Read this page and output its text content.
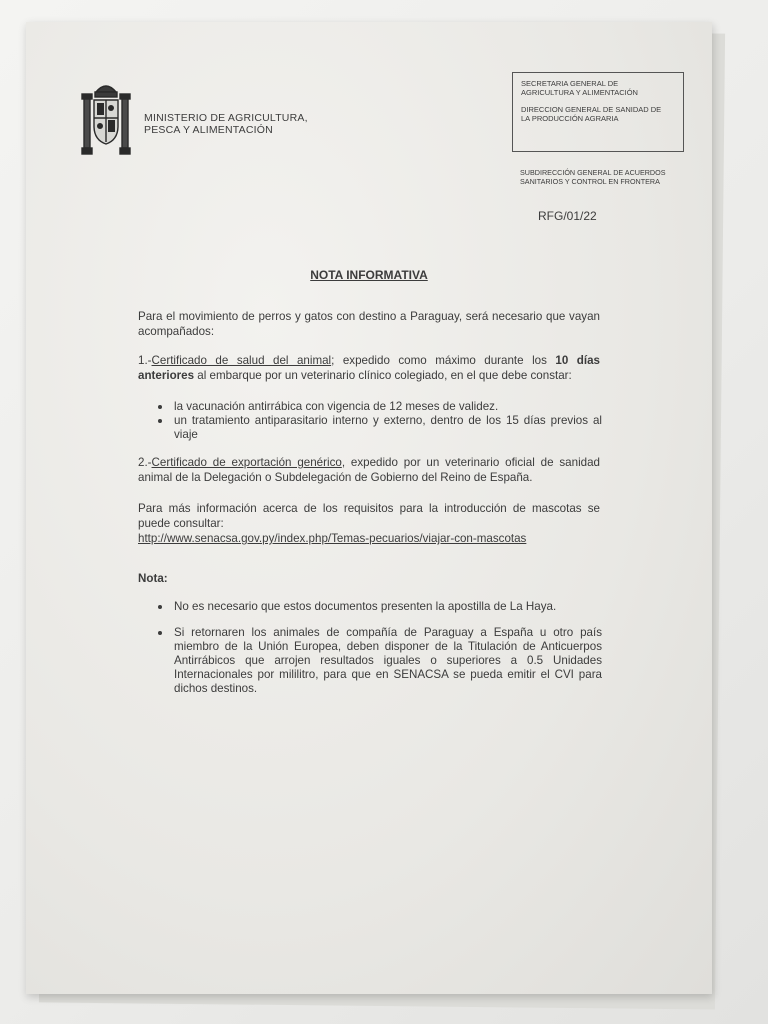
MINISTERIO DE AGRICULTURA,
PESCA Y ALIMENTACIÓN
SECRETARIA GENERAL DE
AGRICULTURA Y ALIMENTACIÓN
DIRECCION GENERAL DE SANIDAD DE
LA PRODUCCIÓN AGRARIA
SUBDIRECCIÓN GENERAL DE ACUERDOS
SANITARIOS Y CONTROL EN FRONTERA
RFG/01/22
NOTA INFORMATIVA
Para el movimiento de perros y gatos con destino a Paraguay, será necesario que vayan acompañados:
1.-Certificado de salud del animal; expedido como máximo durante los 10 días anteriores al embarque por un veterinario clínico colegiado, en el que debe constar:

la vacunación antirrábica con vigencia de 12 meses de validez.

un tratamiento antiparasitario interno y externo, dentro de los 15 días previos al viaje

2.-Certificado de exportación genérico, expedido por un veterinario oficial de sanidad animal de la Delegación o Subdelegación de Gobierno del Reino de España.
Para más información acerca de los requisitos para la introducción de mascotas se puede consultar:
http://www.senacsa.gov.py/index.php/Temas-pecuarios/viajar-con-mascotas
Nota:

No es necesario que estos documentos presenten la apostilla de La Haya.

Si retornaren los animales de compañía de Paraguay a España u otro país miembro de la Unión Europea, deben disponer de la Titulación de Anticuerpos Antirrábicos que arrojen resultados iguales o superiores a 0.5 Unidades Internacionales por mililitro, para que en SENACSA se pueda emitir el CVI para dichos destinos.
